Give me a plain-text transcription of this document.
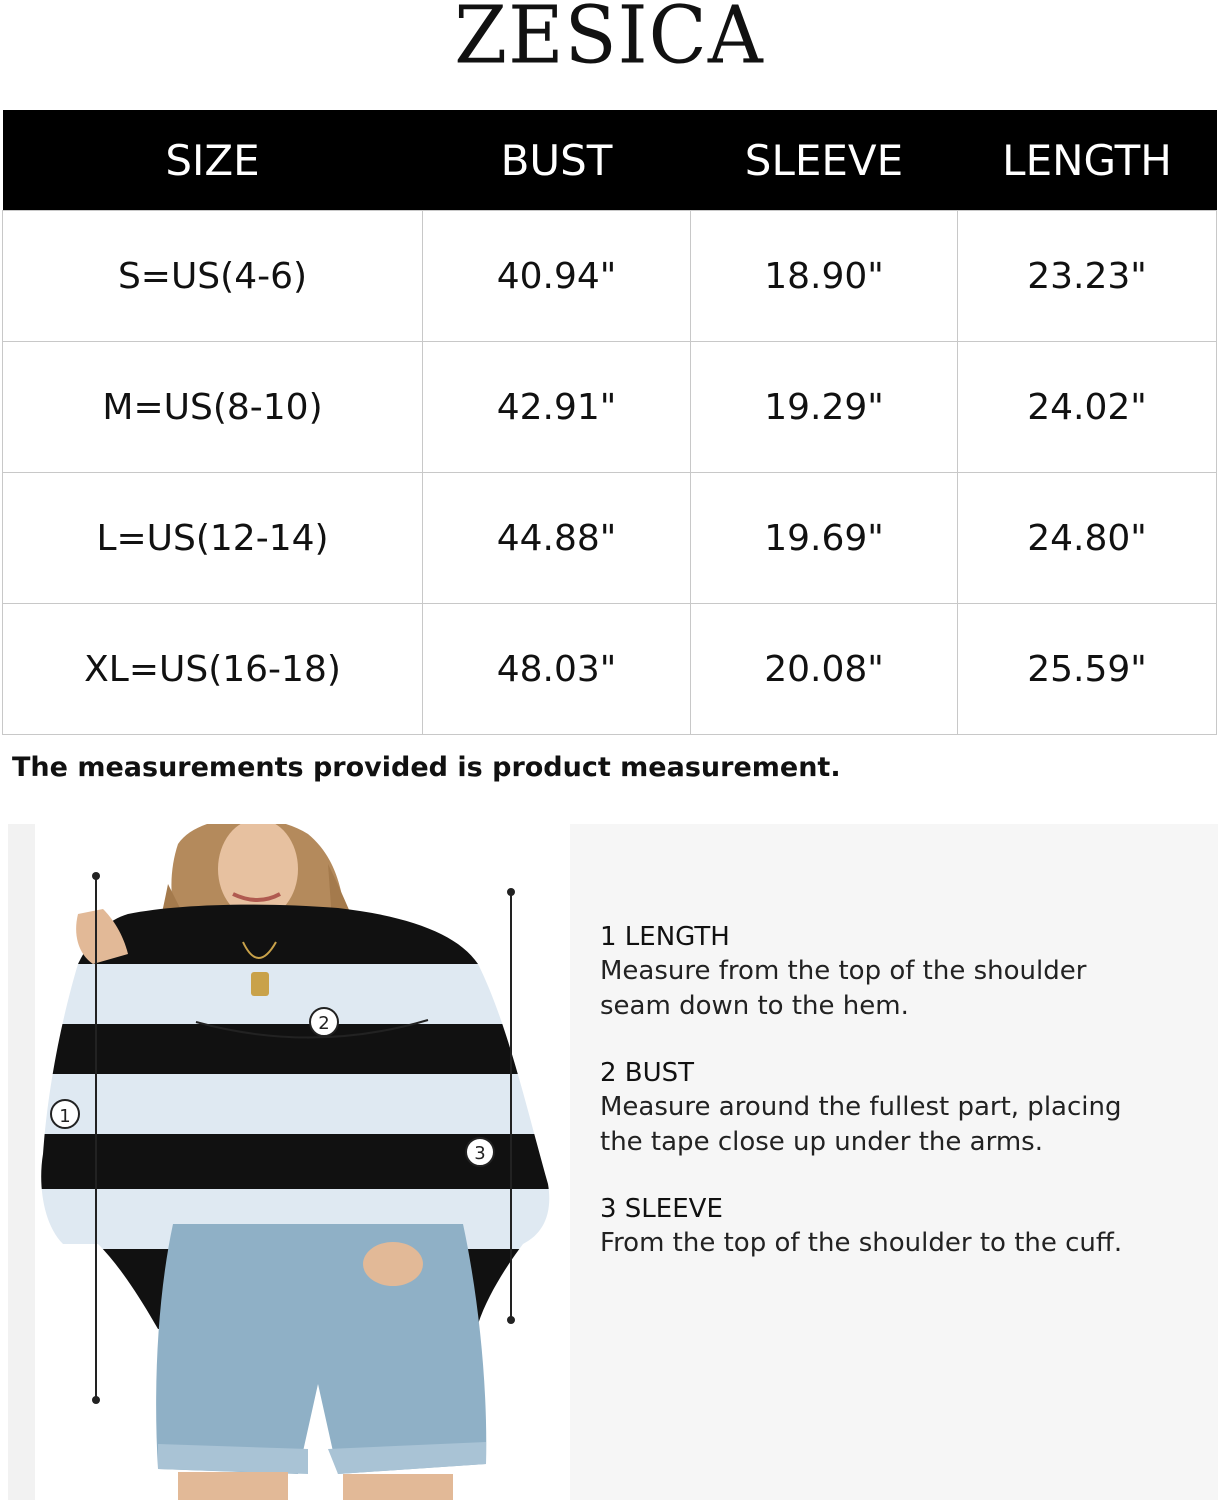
ZESICA
SIZE	BUST	SLEEVE	LENGTH
S=US(4-6)	40.94"	18.90"	23.23"
M=US(8-10)	42.91"	19.29"	24.02"
L=US(12-14)	44.88"	19.69"	24.80"
XL=US(16-18)	48.03"	20.08"	25.59"
The measurements provided is product measurement.
1
2
3
1 LENGTH
Measure from the top of the shoulder
seam down to the hem.
2 BUST
Measure around the fullest part, placing
the tape close up under the arms.
3 SLEEVE
From the top of the shoulder to the cuff.
